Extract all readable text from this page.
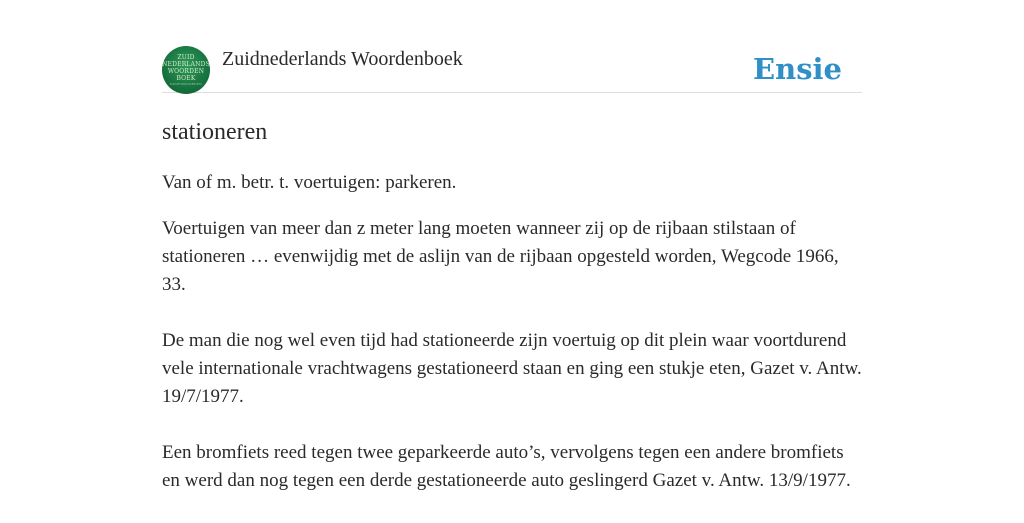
ZUID
NEDERLANDS
WOORDEN
BOEK
HOOFDWOORDEN
Zuidnederlands Woordenboek	Ensie
stationeren

Van of m. betr. t. voertuigen: parkeren.

Voertuigen van meer dan z meter lang moeten wanneer zij op de rijbaan stilstaan of stationeren … evenwijdig met de aslijn van de rijbaan opgesteld worden, Wegcode 1966, 33.

De man die nog wel even tijd had stationeerde zijn voertuig op dit plein waar voortdurend vele internationale vrachtwagens gestationeerd staan en ging een stukje eten, Gazet v. Antw. 19/7/1977.

Een bromfiets reed tegen twee geparkeerde auto’s, vervolgens tegen een andere bromfiets en werd dan nog tegen een derde gestationeerde auto geslingerd Gazet v. Antw. 13/9/1977.
